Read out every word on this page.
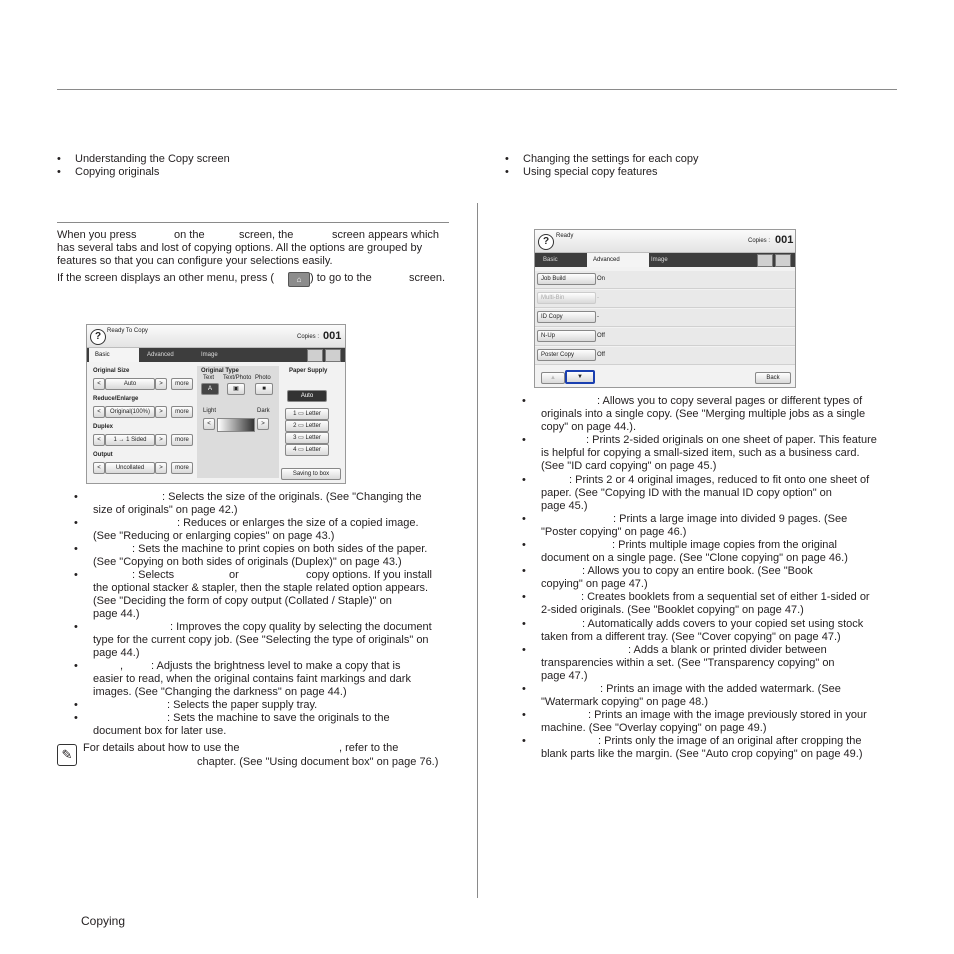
• Understanding the Copy screen
• Copying originals
• Changing the settings for each copy
• Using special copy features
When you press	on the	screen, the	screen appears which
has several tabs and lost of copying options. All the options are grouped by
features so that you can configure your selections easily.
If the screen displays an other menu, press (	⌂ ) to go to the	screen.
? Ready To Copy
Copies : 001
Basic	Advanced	Image
Original Size
<	Auto	>	more
Reduce/Enlarge
<	Original(100%)	>	more
Duplex
<	1 → 1 Sided	>	more
Output
<	Uncollated	>	more
Original Type
Text Text/Photo Photo
A	▣	■
Light	Dark
<	>
Paper Supply
Auto
1 ▭ Letter
2 ▭ Letter
3 ▭ Letter
4 ▭ Letter
Saving to box
•	: Selects the size of the originals. (See "Changing the
size of originals" on page 42.)
•	: Reduces or enlarges the size of a copied image.
(See "Reducing or enlarging copies" on page 43.)
•	: Sets the machine to print copies on both sides of the paper.
(See "Copying on both sides of originals (Duplex)" on page 43.)
•	: Selects	or	copy options. If you install
the optional stacker & stapler, then the staple related option appears.
(See "Deciding the form of copy output (Collated / Staple)" on
page 44.)
•	: Improves the copy quality by selecting the document
type for the current copy job. (See "Selecting the type of originals" on
page 44.)
•	,	: Adjusts the brightness level to make a copy that is
easier to read, when the original contains faint markings and dark
images. (See "Changing the darkness" on page 44.)
•	: Selects the paper supply tray.
•	: Sets the machine to save the originals to the
document box for later use.
✎ For details about how to use the	, refer to the
chapter. (See "Using document box" on page 76.)
?	Ready
Copies : 001
Basic	Advanced	Image
Job Build	On
Multi-Bin	-
ID Copy	-
N-Up	Off
Poster Copy	Off
▲	▼	Back
•	: Allows you to copy several pages or different types of
originals into a single copy. (See "Merging multiple jobs as a single
copy" on page 44.).
•	: Prints 2-sided originals on one sheet of paper. This feature
is helpful for copying a small-sized item, such as a business card.
(See "ID card copying" on page 45.)
•	: Prints 2 or 4 original images, reduced to fit onto one sheet of
paper. (See "Copying ID with the manual ID copy option" on
page 45.)
•	: Prints a large image into divided 9 pages. (See
"Poster copying" on page 46.)
•	: Prints multiple image copies from the original
document on a single page. (See "Clone copying" on page 46.)
•	: Allows you to copy an entire book. (See "Book
copying" on page 47.)
•	: Creates booklets from a sequential set of either 1-sided or
2-sided originals. (See "Booklet copying" on page 47.)
•	: Automatically adds covers to your copied set using stock
taken from a different tray. (See "Cover copying" on page 47.)
•	: Adds a blank or printed divider between
transparencies within a set. (See "Transparency copying" on
page 47.)
•	: Prints an image with the added watermark. (See
"Watermark copying" on page 48.)
•	: Prints an image with the image previously stored in your
machine. (See "Overlay copying" on page 49.)
•	: Prints only the image of an original after cropping the
blank parts like the margin. (See "Auto crop copying" on page 49.)
Copying
